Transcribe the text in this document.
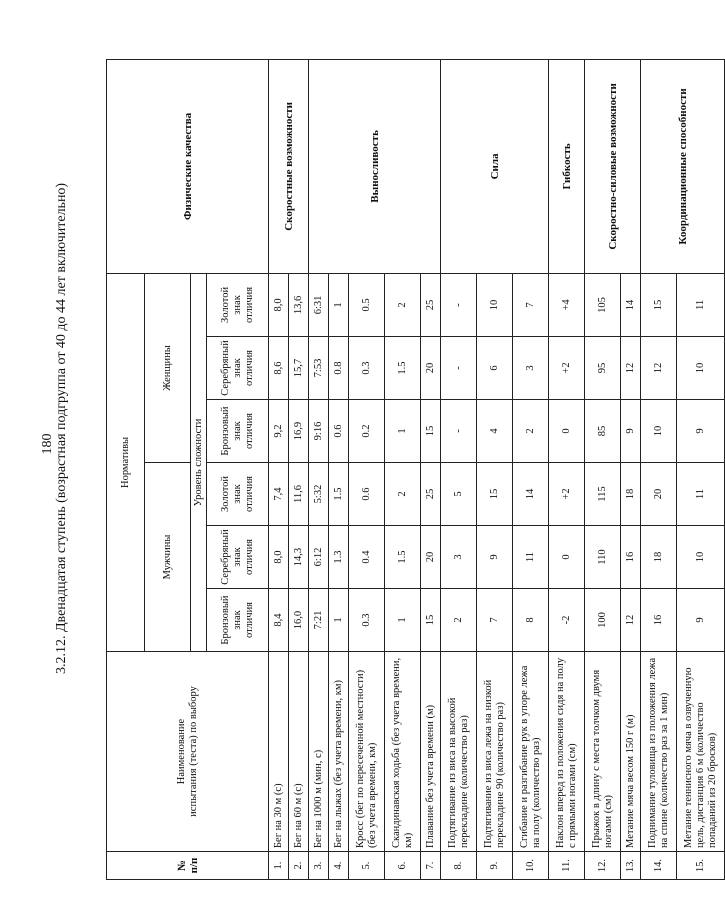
180 3.2.12. Двенадцатая ступень (возрастная подгруппа от 40 до 44 лет включительно)
№
п/п	Наименование
испытания (теста) по выбору	Нормативы						Физические качества
		Мужчины			Женщины			
		Уровень сложности						
		Бронзовый
знак
отличия	Серебряный
знак
отличия	Золотой
знак
отличия	Бронзовый
знак
отличия	Серебряный
знак
отличия	Золотой
знак
отличия	
1.	Бег на 30 м (с)	8,4	8,0	7,4	9,2	8,6	8,0	Скоростные возможности
2.	Бег на 60 м (с)	16,0	14,3	11,6	16,9	15,7	13,6	
3.	Бег на 1000 м (мин, с)	7:21	6:12	5:32	9:16	7:53	6:31	Выносливость
4.	Бег на лыжах (без учета времени, км)	1	1.3	1.5	0.6	0.8	1	
5.	Кросс (бег по пересеченной местности) (без учета времени, км)	0.3	0.4	0.6	0.2	0.3	0.5	
6.	Скандинавская ходьба (без учета времени, км)	1	1.5	2	1	1.5	2	
7.	Плавание без учета времени (м)	15	20	25	15	20	25	
8.	Подтягивание из виса на высокой перекладине (количество раз)	2	3	5	-	-	-	Сила
9.	Подтягивание из виса лежа на низкой перекладине 90 (количество раз)	7	9	15	4	6	10	
10.	Сгибание и разгибание рук в упоре лежа на полу (количество раз)	8	11	14	2	3	7	
11.	Наклон вперед из положения сидя на полу с прямыми ногами (см)	-2	0	+2	0	+2	+4	Гибкость
12.	Прыжок в длину с места толчком двумя ногами (см)	100	110	115	85	95	105	Скоростно-силовые возможности
13.	Метание мяча весом 150 г (м)	12	16	18	9	12	14	
14.	Поднимание туловища из положения лежа на спине (количество раз за 1 мин)	16	18	20	10	12	15	Координационные способности
15.	Метание теннисного мяча в озвученную цель, дистанция 6 м (количество попаданий из 20 бросков)	9	10	11	9	10	11	
